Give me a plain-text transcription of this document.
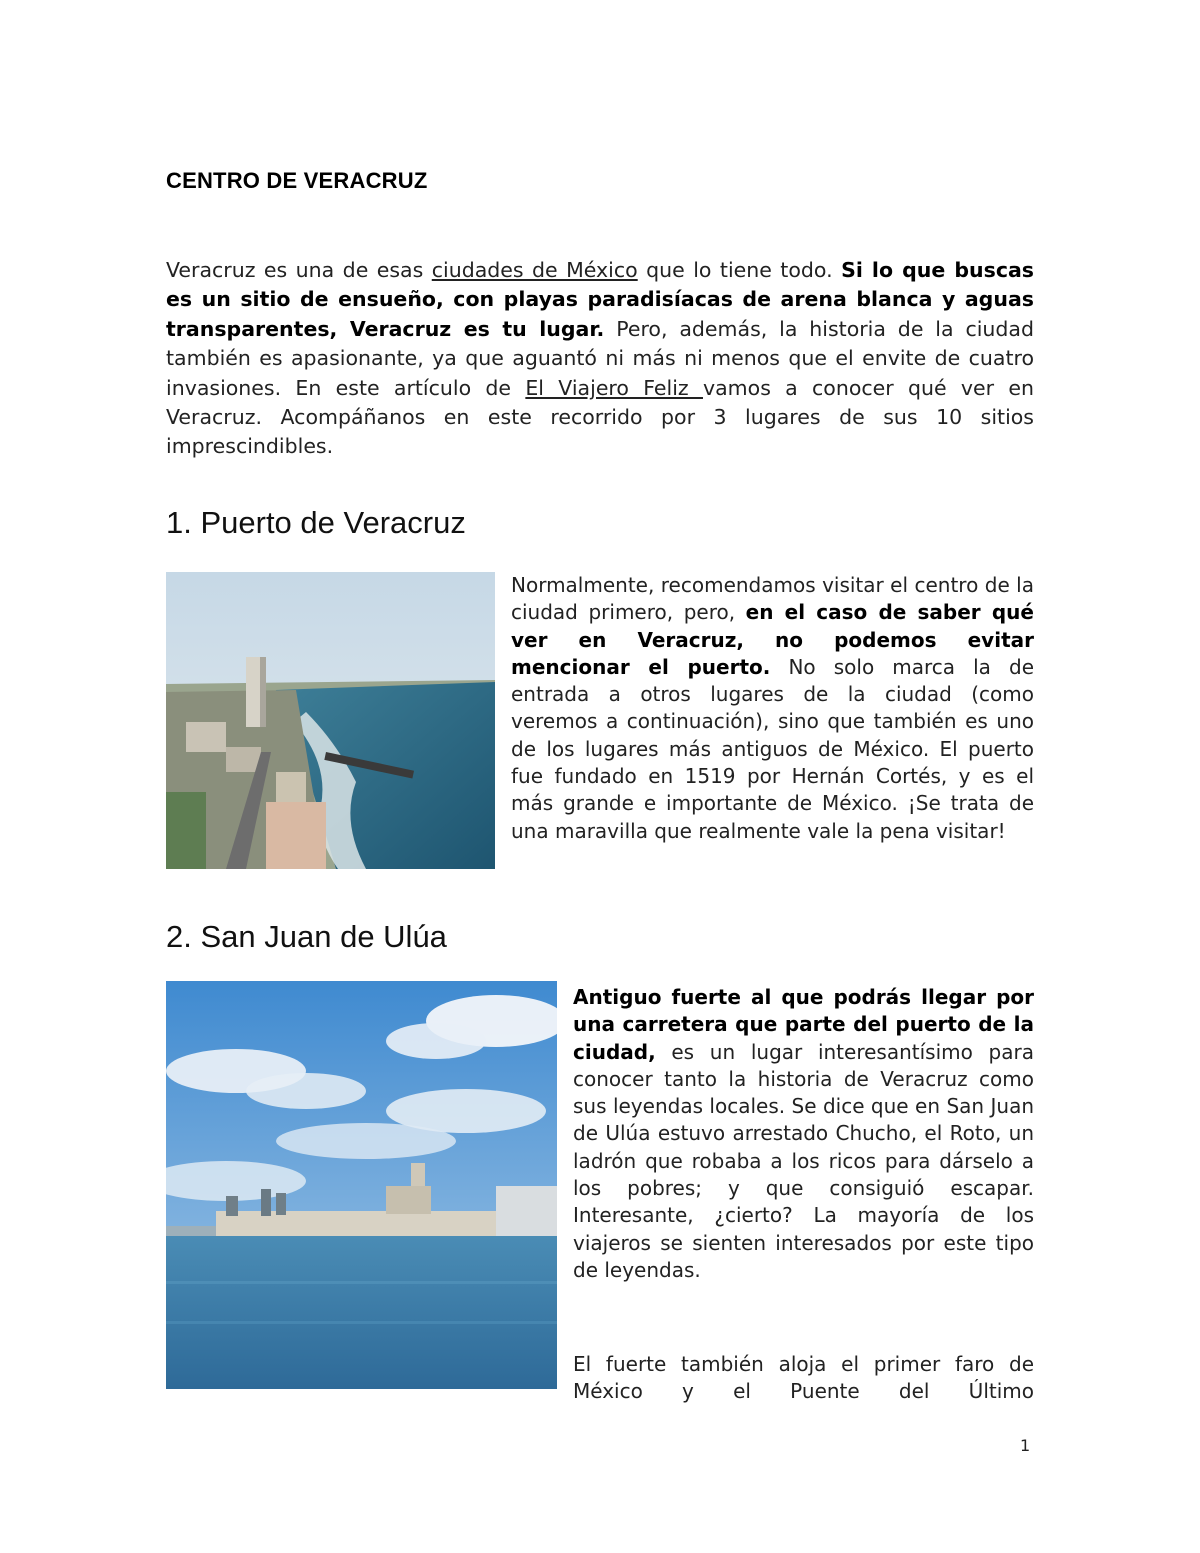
CENTRO DE VERACRUZ

Veracruz es una de esas ciudades de México que lo tiene todo. Si lo que buscas es un sitio de ensueño, con playas paradisíacas de arena blanca y aguas transparentes, Veracruz es tu lugar. Pero, además, la historia de la ciudad también es apasionante, ya que aguantó ni más ni menos que el envite de cuatro invasiones. En este artículo de El Viajero Feliz vamos a conocer qué ver en Veracruz. Acompáñanos en este recorrido por 3 lugares de sus 10 sitios imprescindibles.

1. Puerto de Veracruz

Normalmente, recomendamos visitar el centro de la ciudad primero, pero, en el caso de saber qué ver en Veracruz, no podemos evitar mencionar el puerto. No solo marca la de entrada a otros lugares de la ciudad (como veremos a continuación), sino que también es uno de los lugares más antiguos de México. El puerto fue fundado en 1519 por Hernán Cortés, y es el más grande e importante de México. ¡Se trata de una maravilla que realmente vale la pena visitar!

2. San Juan de Ulúa

Antiguo fuerte al que podrás llegar por una carretera que parte del puerto de la ciudad, es un lugar interesantísimo para conocer tanto la historia de Veracruz como sus leyendas locales. Se dice que en San Juan de Ulúa estuvo arrestado Chucho, el Roto, un ladrón que robaba a los ricos para dárselo a los pobres; y que consiguió escapar. Interesante, ¿cierto? La mayoría de los viajeros se sienten interesados por este tipo de leyendas.

El fuerte también aloja el primer faro de México y el Puente del Último

1
